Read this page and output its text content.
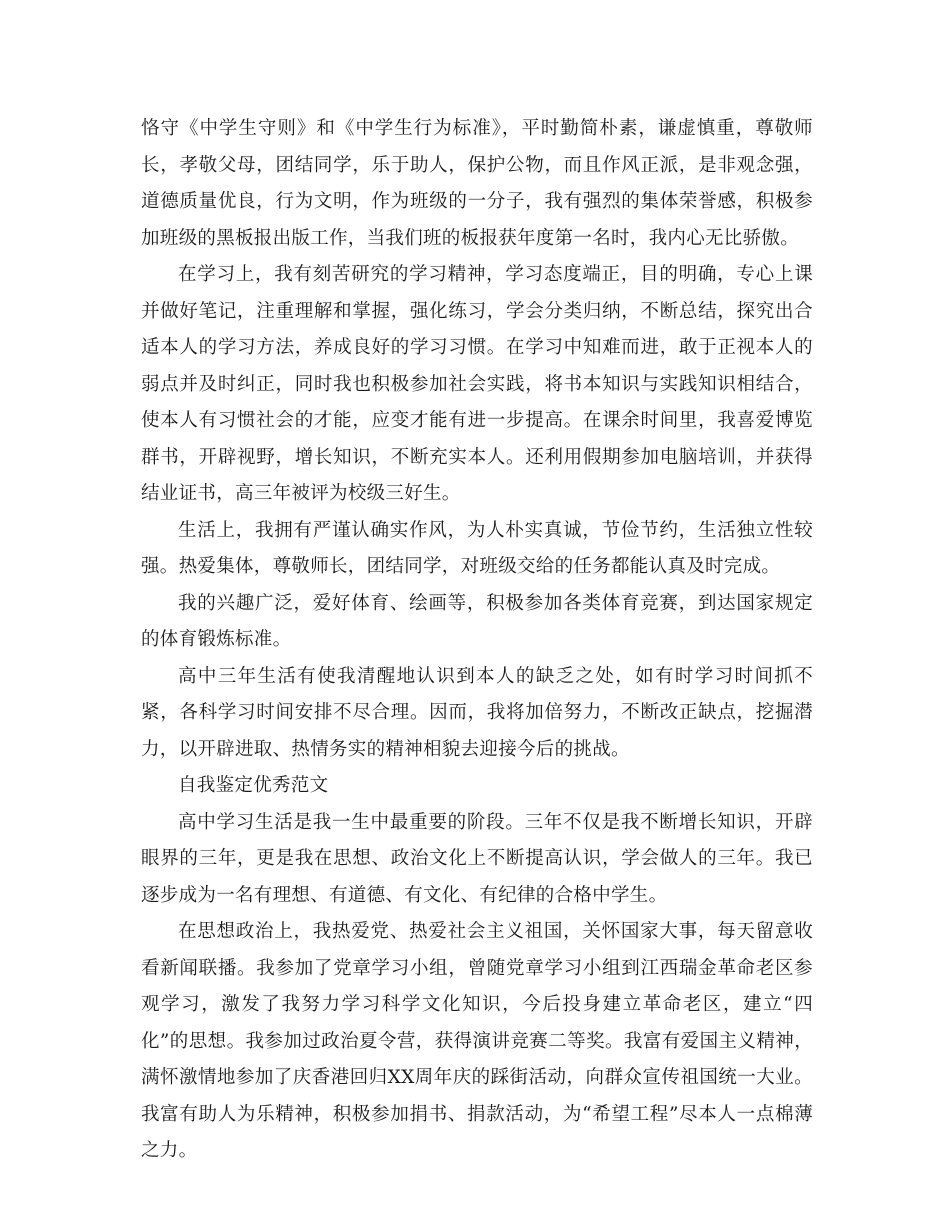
恪守《中学生守则》和《中学生行为标准》，平时勤简朴素，谦虚慎重，尊敬师长，孝敬父母，团结同学，乐于助人，保护公物，而且作风正派，是非观念强，道德质量优良，行为文明，作为班级的一分子，我有强烈的集体荣誉感，积极参加班级的黑板报出版工作，当我们班的板报获年度第一名时，我内心无比骄傲。

在学习上，我有刻苦研究的学习精神，学习态度端正，目的明确，专心上课并做好笔记，注重理解和掌握，强化练习，学会分类归纳，不断总结，探究出合适本人的学习方法，养成良好的学习习惯。在学习中知难而进，敢于正视本人的弱点并及时纠正，同时我也积极参加社会实践，将书本知识与实践知识相结合，使本人有习惯社会的才能，应变才能有进一步提高。在课余时间里，我喜爱博览群书，开辟视野，增长知识，不断充实本人。还利用假期参加电脑培训，并获得结业证书，高三年被评为校级三好生。

生活上，我拥有严谨认确实作风，为人朴实真诚，节俭节约，生活独立性较强。热爱集体，尊敬师长，团结同学，对班级交给的任务都能认真及时完成。

我的兴趣广泛，爱好体育、绘画等，积极参加各类体育竞赛，到达国家规定的体育锻炼标准。

高中三年生活有使我清醒地认识到本人的缺乏之处，如有时学习时间抓不紧，各科学习时间安排不尽合理。因而，我将加倍努力，不断改正缺点，挖掘潜力，以开辟进取、热情务实的精神相貌去迎接今后的挑战。

自我鉴定优秀范文

高中学习生活是我一生中最重要的阶段。三年不仅是我不断增长知识，开辟眼界的三年，更是我在思想、政治文化上不断提高认识，学会做人的三年。我已逐步成为一名有理想、有道德、有文化、有纪律的合格中学生。

在思想政治上，我热爱党、热爱社会主义祖国，关怀国家大事，每天留意收看新闻联播。我参加了党章学习小组，曾随党章学习小组到江西瑞金革命老区参观学习，激发了我努力学习科学文化知识，今后投身建立革命老区，建立“四化”的思想。我参加过政治夏令营，获得演讲竞赛二等奖。我富有爱国主义精神，满怀激情地参加了庆香港回归XX周年庆的踩街活动，向群众宣传祖国统一大业。我富有助人为乐精神，积极参加捐书、捐款活动，为“希望工程”尽本人一点棉薄之力。
